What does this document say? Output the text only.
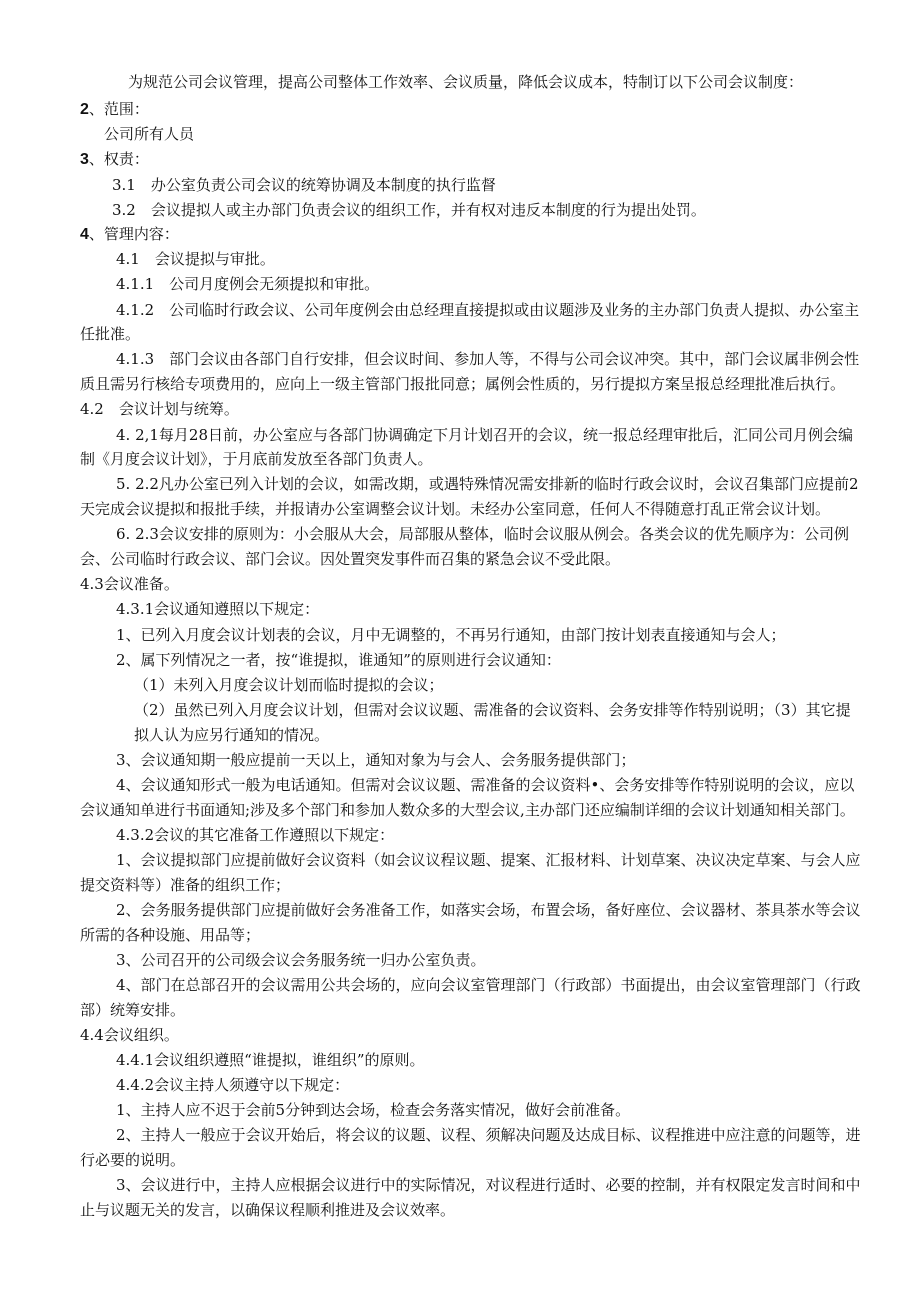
为规范公司会议管理，提高公司整体工作效率、会议质量，降低会议成本，特制订以下公司会议制度：

2、范围：

公司所有人员

3、权责：

3.1　办公室负责公司会议的统筹协调及本制度的执行监督

3.2　会议提拟人或主办部门负责会议的组织工作，并有权对违反本制度的行为提出处罚。

4、管理内容：

4.1　会议提拟与审批。

4.1.1　公司月度例会无须提拟和审批。

4.1.2　公司临时行政会议、公司年度例会由总经理直接提拟或由议题涉及业务的主办部门负责人提拟、办公室主

任批准。

4.1.3　部门会议由各部门自行安排，但会议时间、参加人等，不得与公司会议冲突。其中，部门会议属非例会性

质且需另行核给专项费用的，应向上一级主管部门报批同意；属例会性质的，另行提拟方案呈报总经理批准后执行。

4.2　会议计划与统筹。

4. 2,1每月28日前，办公室应与各部门协调确定下月计划召开的会议，统一报总经理审批后，汇同公司月例会编

制《月度会议计划》，于月底前发放至各部门负责人。

5. 2.2凡办公室已列入计划的会议，如需改期，或遇特殊情况需安排新的临时行政会议时，会议召集部门应提前2

天完成会议提拟和报批手续，并报请办公室调整会议计划。未经办公室同意，任何人不得随意打乱正常会议计划。

6. 2.3会议安排的原则为：小会服从大会，局部服从整体，临时会议服从例会。各类会议的优先顺序为：公司例

会、公司临时行政会议、部门会议。因处置突发事件而召集的紧急会议不受此限。

4.3会议准备。

4.3.1会议通知遵照以下规定：

1、已列入月度会议计划表的会议，月中无调整的，不再另行通知，由部门按计划表直接通知与会人；

2、属下列情况之一者，按“谁提拟，谁通知”的原则进行会议通知：

（1）未列入月度会议计划而临时提拟的会议；

（2）虽然已列入月度会议计划，但需对会议议题、需准备的会议资料、会务安排等作特别说明；（3）其它提

拟人认为应另行通知的情况。

3、会议通知期一般应提前一天以上，通知对象为与会人、会务服务提供部门；

4、会议通知形式一般为电话通知。但需对会议议题、需准备的会议资料•、会务安排等作特别说明的会议，应以

会议通知单进行书面通知;涉及多个部门和参加人数众多的大型会议,主办部门还应编制详细的会议计划通知相关部门。

4.3.2会议的其它准备工作遵照以下规定：

1、会议提拟部门应提前做好会议资料（如会议议程议题、提案、汇报材料、计划草案、决议决定草案、与会人应

提交资料等）准备的组织工作；

2、会务服务提供部门应提前做好会务准备工作，如落实会场，布置会场，备好座位、会议器材、茶具茶水等会议

所需的各种设施、用品等；

3、公司召开的公司级会议会务服务统一归办公室负责。

4、部门在总部召开的会议需用公共会场的，应向会议室管理部门（行政部）书面提出，由会议室管理部门（行政

部）统筹安排。

4.4会议组织。

4.4.1会议组织遵照“谁提拟，谁组织”的原则。

4.4.2会议主持人须遵守以下规定：

1、主持人应不迟于会前5分钟到达会场，检查会务落实情况，做好会前准备。

2、主持人一般应于会议开始后，将会议的议题、议程、须解决问题及达成目标、议程推进中应注意的问题等，进

行必要的说明。

3、会议进行中，主持人应根据会议进行中的实际情况，对议程进行适时、必要的控制，并有权限定发言时间和中

止与议题无关的发言，以确保议程顺利推进及会议效率。
